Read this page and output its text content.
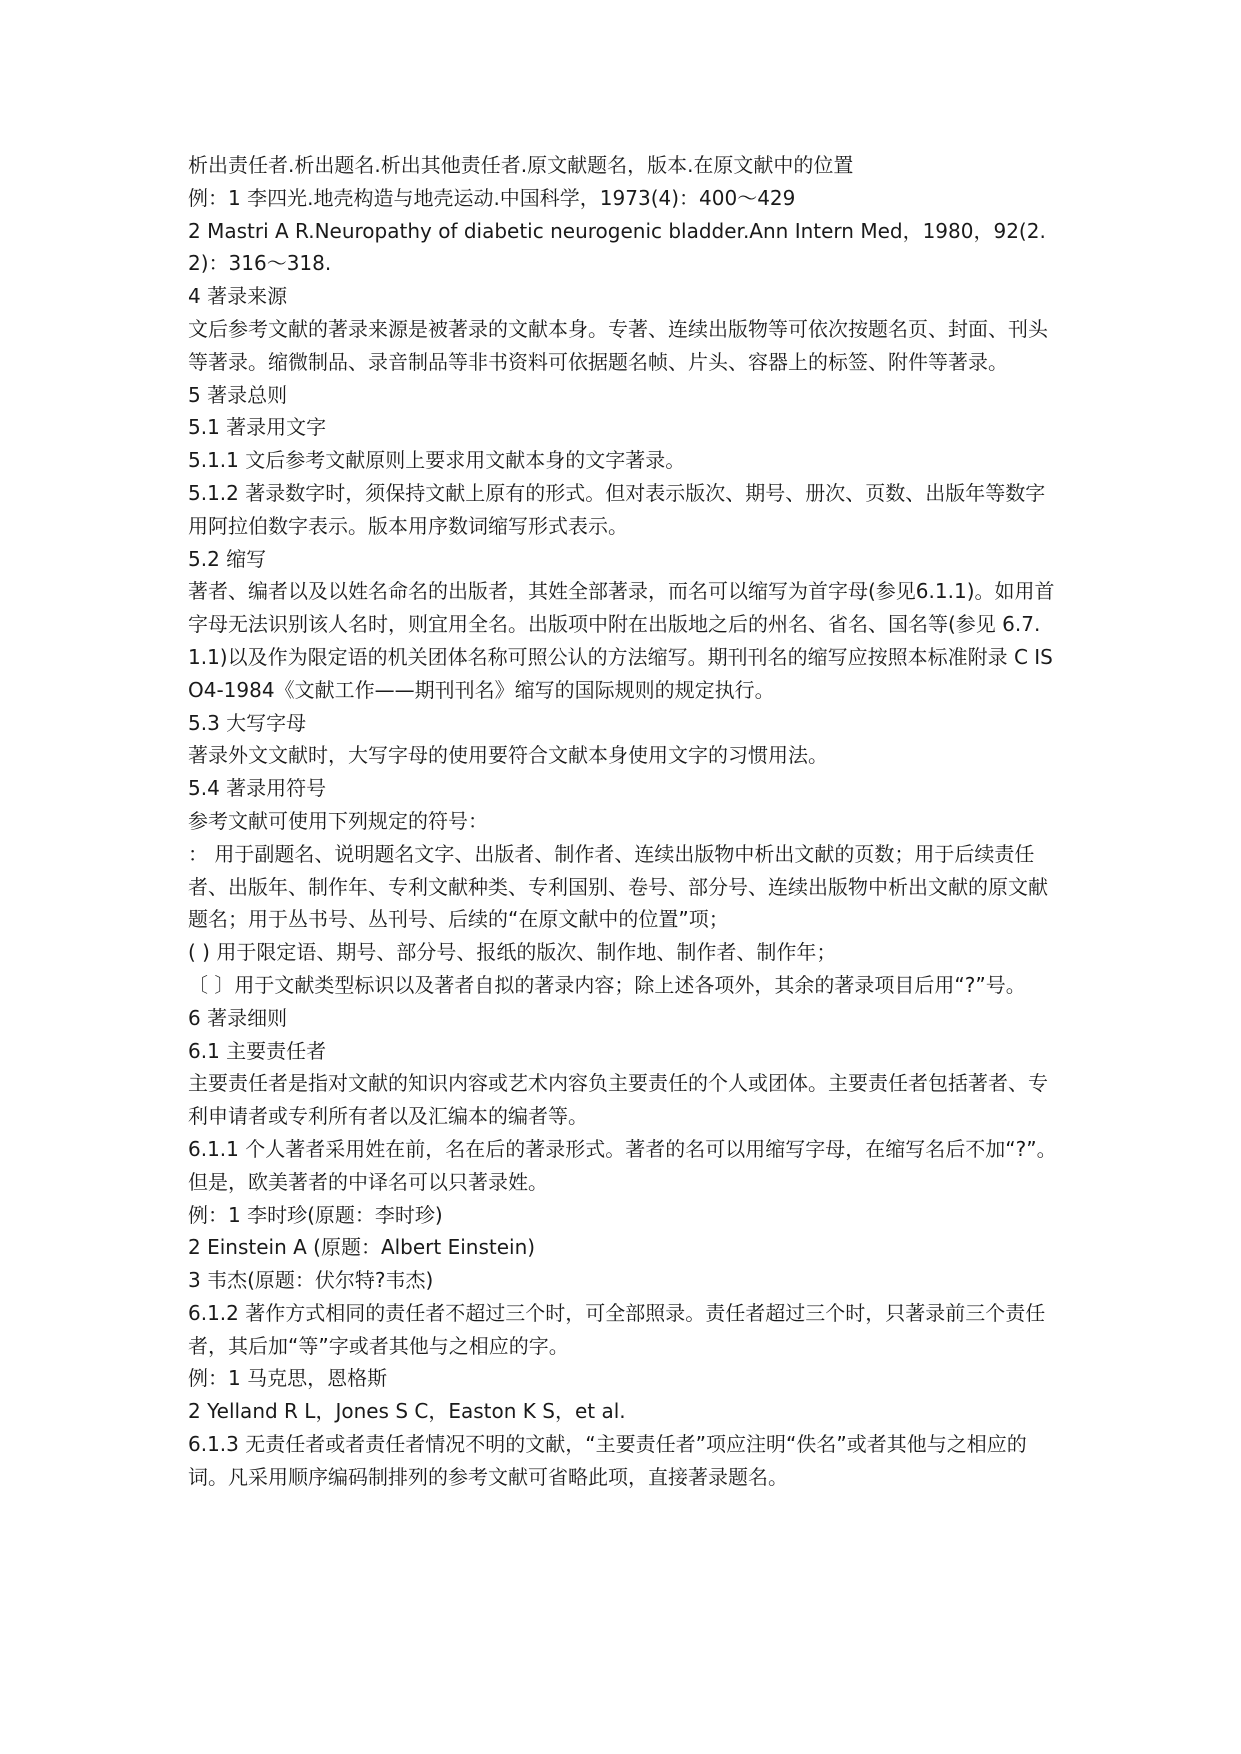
析出责任者.析出题名.析出其他责任者.原文献题名，版本.在原文献中的位置

例：1 李四光.地壳构造与地壳运动.中国科学，1973(4)：400～429

2 Mastri A R.Neuropathy of diabetic neurogenic bladder.Ann Intern Med，1980，92(2.2)：316～318.

4 著录来源

文后参考文献的著录来源是被著录的文献本身。专著、连续出版物等可依次按题名页、封面、刊头等著录。缩微制品、录音制品等非书资料可依据题名帧、片头、容器上的标签、附件等著录。

5 著录总则

5.1 著录用文字

5.1.1 文后参考文献原则上要求用文献本身的文字著录。

5.1.2 著录数字时，须保持文献上原有的形式。但对表示版次、期号、册次、页数、出版年等数字用阿拉伯数字表示。版本用序数词缩写形式表示。

5.2 缩写

著者、编者以及以姓名命名的出版者，其姓全部著录，而名可以缩写为首字母(参见6.1.1)。如用首字母无法识别该人名时，则宜用全名。出版项中附在出版地之后的州名、省名、国名等(参见 6.7.1.1)以及作为限定语的机关团体名称可照公认的方法缩写。期刊刊名的缩写应按照本标准附录 C ISO4-1984《文献工作——期刊刊名》缩写的国际规则的规定执行。

5.3 大写字母

著录外文文献时，大写字母的使用要符合文献本身使用文字的习惯用法。

5.4 著录用符号

参考文献可使用下列规定的符号：

： 用于副题名、说明题名文字、出版者、制作者、连续出版物中析出文献的页数；用于后续责任者、出版年、制作年、专利文献种类、专利国别、卷号、部分号、连续出版物中析出文献的原文献题名；用于丛书号、丛刊号、后续的“在原文献中的位置”项；

( ) 用于限定语、期号、部分号、报纸的版次、制作地、制作者、制作年；

〔 〕用于文献类型标识以及著者自拟的著录内容；除上述各项外，其余的著录项目后用“?”号。

6 著录细则

6.1 主要责任者

主要责任者是指对文献的知识内容或艺术内容负主要责任的个人或团体。主要责任者包括著者、专利申请者或专利所有者以及汇编本的编者等。

6.1.1 个人著者采用姓在前，名在后的著录形式。著者的名可以用缩写字母，在缩写名后不加“?”。但是，欧美著者的中译名可以只著录姓。

例：1 李时珍(原题：李时珍)

2 Einstein A (原题：Albert Einstein)

3 韦杰(原题：伏尔特?韦杰)

6.1.2 著作方式相同的责任者不超过三个时，可全部照录。责任者超过三个时，只著录前三个责任者，其后加“等”字或者其他与之相应的字。

例：1 马克思，恩格斯

2 Yelland R L，Jones S C，Easton K S，et al.

6.1.3 无责任者或者责任者情况不明的文献，“主要责任者”项应注明“佚名”或者其他与之相应的词。凡采用顺序编码制排列的参考文献可省略此项，直接著录题名。
